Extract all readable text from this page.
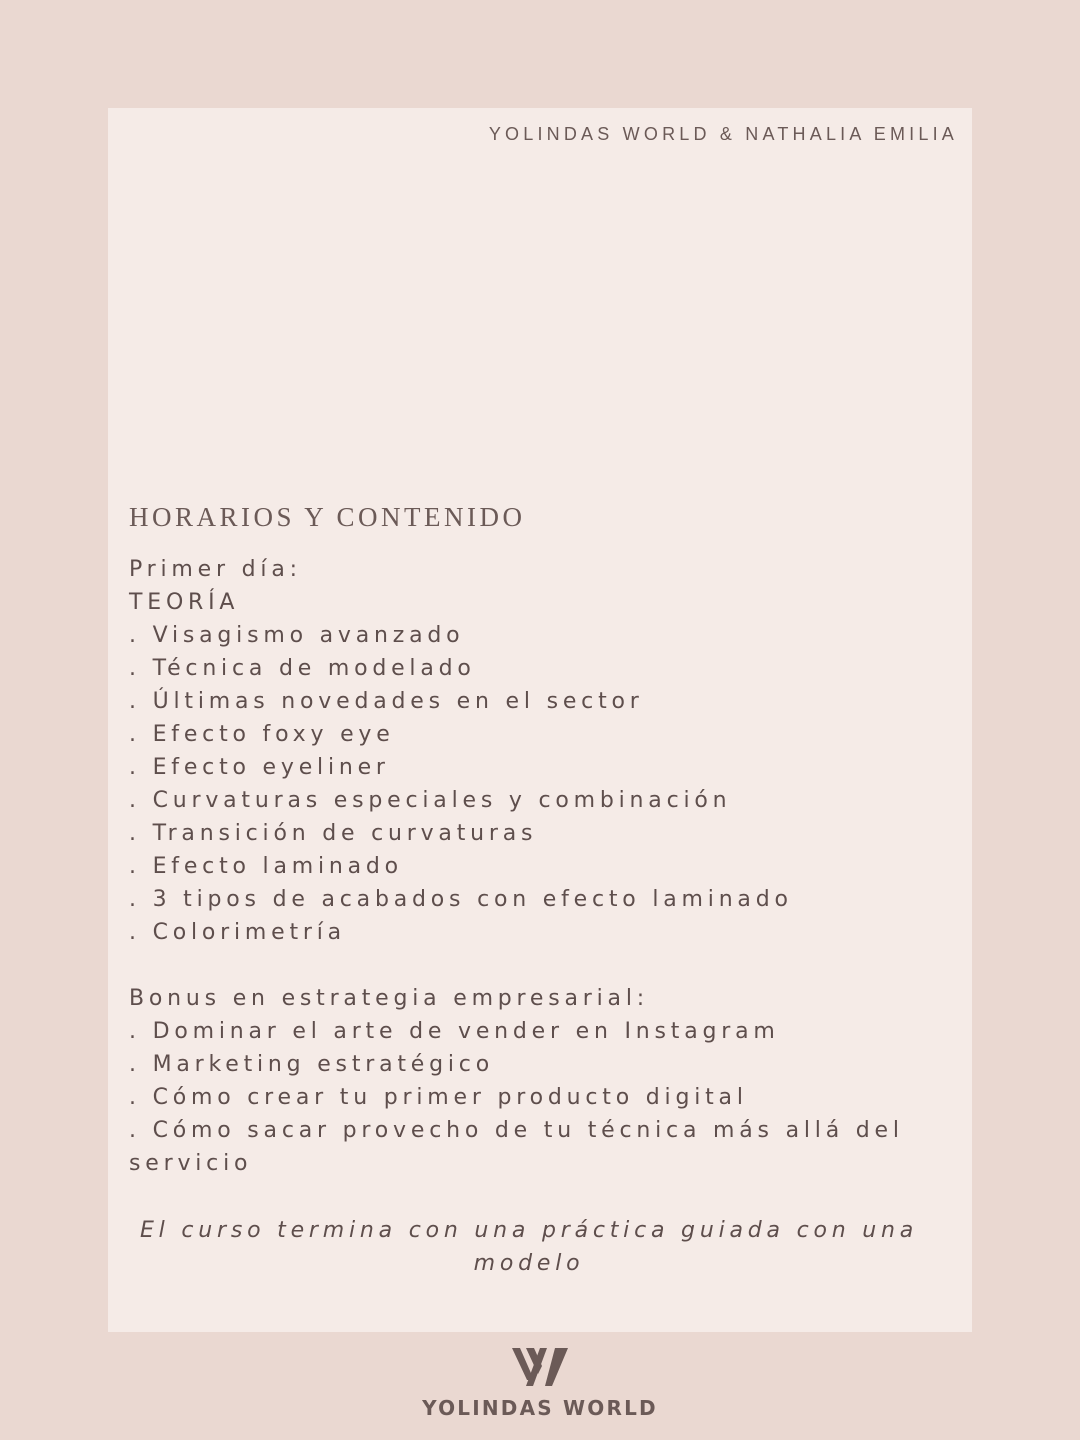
YOLINDAS WORLD & NATHALIA EMILIA
HORARIOS Y CONTENIDO
Primer día:
TEORÍA
. Visagismo avanzado
. Técnica de modelado
. Últimas novedades en el sector
. Efecto foxy eye
. Efecto eyeliner
. Curvaturas especiales y combinación
. Transición de curvaturas
. Efecto laminado
. 3 tipos de acabados con efecto laminado
. Colorimetría
Bonus en estrategia empresarial:
. Dominar el arte de vender en Instagram
. Marketing estratégico
. Cómo crear tu primer producto digital
. Cómo sacar provecho de tu técnica más allá del servicio
El curso termina con una práctica guiada con una modelo
YOLINDAS WORLD
